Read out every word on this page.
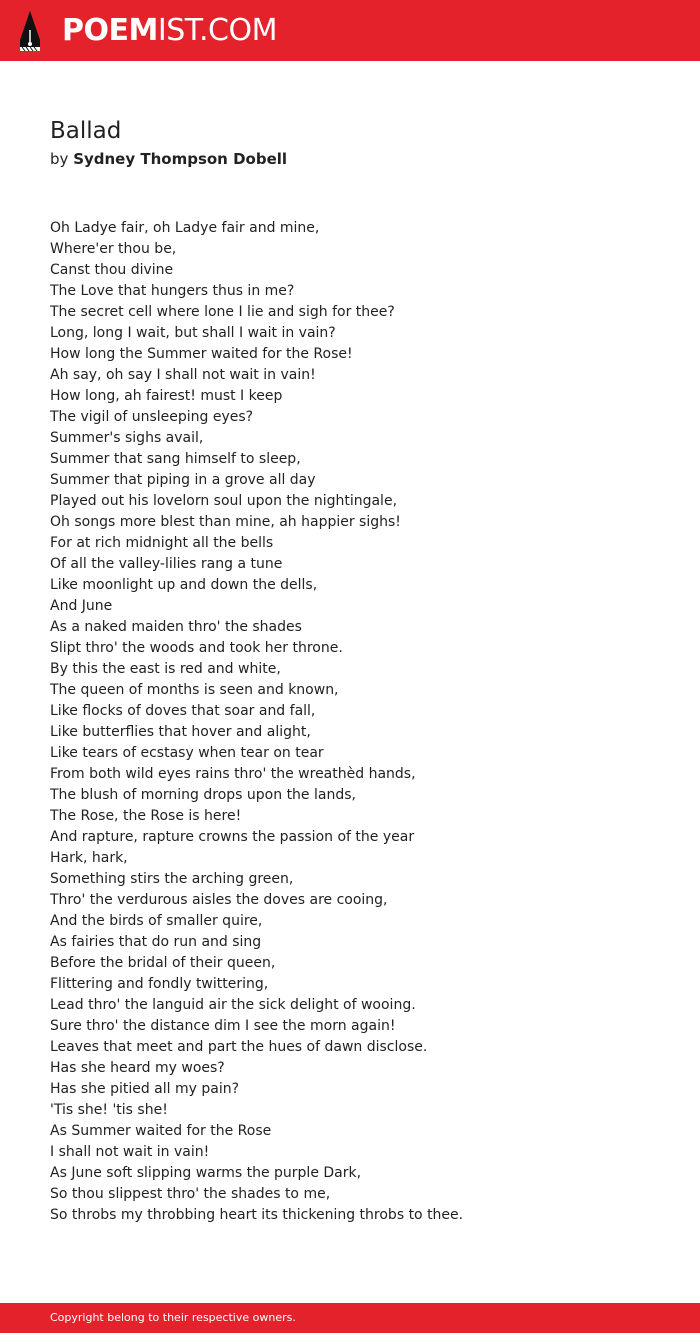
POEMIST.COM
Ballad
by Sydney Thompson Dobell
Oh Ladye fair, oh Ladye fair and mine,
Where'er thou be,
Canst thou divine
The Love that hungers thus in me?
The secret cell where lone I lie and sigh for thee?
Long, long I wait, but shall I wait in vain?
How long the Summer waited for the Rose!
Ah say, oh say I shall not wait in vain!
How long, ah fairest! must I keep
The vigil of unsleeping eyes?
Summer's sighs avail,
Summer that sang himself to sleep,
Summer that piping in a grove all day
Played out his lovelorn soul upon the nightingale,
Oh songs more blest than mine, ah happier sighs!
For at rich midnight all the bells
Of all the valley-lilies rang a tune
Like moonlight up and down the dells,
And June
As a naked maiden thro' the shades
Slipt thro' the woods and took her throne.
By this the east is red and white,
The queen of months is seen and known,
Like flocks of doves that soar and fall,
Like butterflies that hover and alight,
Like tears of ecstasy when tear on tear
From both wild eyes rains thro' the wreathèd hands,
The blush of morning drops upon the lands,
The Rose, the Rose is here!
And rapture, rapture crowns the passion of the year
Hark, hark,
Something stirs the arching green,
Thro' the verdurous aisles the doves are cooing,
And the birds of smaller quire,
As fairies that do run and sing
Before the bridal of their queen,
Flittering and fondly twittering,
Lead thro' the languid air the sick delight of wooing.
Sure thro' the distance dim I see the morn again!
Leaves that meet and part the hues of dawn disclose.
Has she heard my woes?
Has she pitied all my pain?
'Tis she! 'tis she!
As Summer waited for the Rose
I shall not wait in vain!
As June soft slipping warms the purple Dark,
So thou slippest thro' the shades to me,
So throbs my throbbing heart its thickening throbs to thee.
Copyright belong to their respective owners.
